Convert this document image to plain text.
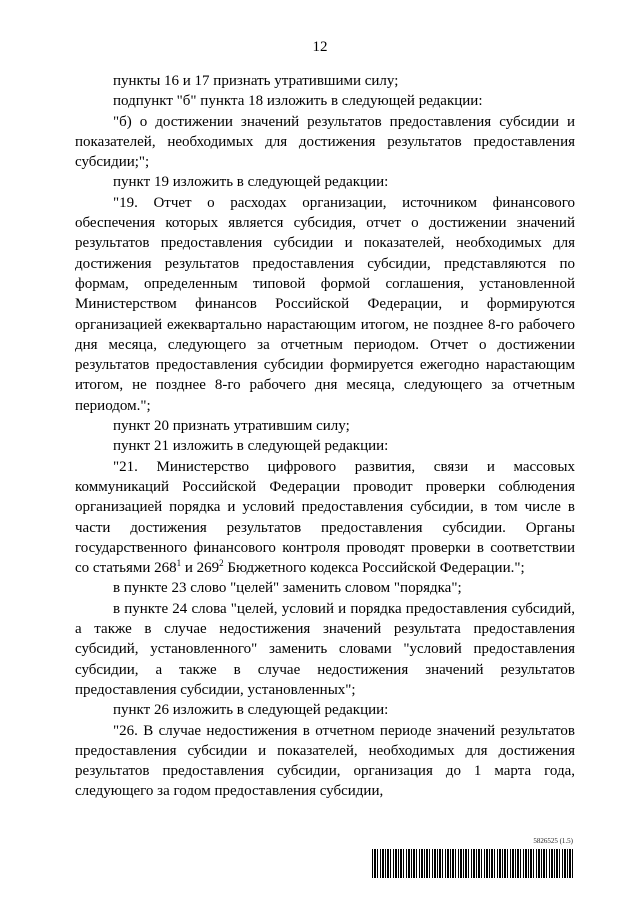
12

пункты 16 и 17 признать утратившими силу;

подпункт "б" пункта 18 изложить в следующей редакции:

"б) о достижении значений результатов предоставления субсидии и показателей, необходимых для достижения результатов предоставления субсидии;";

пункт 19 изложить в следующей редакции:

"19. Отчет о расходах организации, источником финансового обеспечения которых является субсидия, отчет о достижении значений результатов предоставления субсидии и показателей, необходимых для достижения результатов предоставления субсидии, представляются по формам, определенным типовой формой соглашения, установленной Министерством финансов Российской Федерации, и формируются организацией ежеквартально нарастающим итогом, не позднее 8-го рабочего дня месяца, следующего за отчетным периодом. Отчет о достижении результатов предоставления субсидии формируется ежегодно нарастающим итогом, не позднее 8-го рабочего дня месяца, следующего за отчетным периодом.";

пункт 20 признать утратившим силу;

пункт 21 изложить в следующей редакции:

"21. Министерство цифрового развития, связи и массовых коммуникаций Российской Федерации проводит проверки соблюдения организацией порядка и условий предоставления субсидии, в том числе в части достижения результатов предоставления субсидии. Органы государственного финансового контроля проводят проверки в соответствии со статьями $268^1$ и $269^2$ Бюджетного кодекса Российской Федерации.";

в пункте 23 слово "целей" заменить словом "порядка";

в пункте 24 слова "целей, условий и порядка предоставления субсидий, а также в случае недостижения значений результата предоставления субсидий, установленного" заменить словами "условий предоставления субсидии, а также в случае недостижения значений результатов предоставления субсидии, установленных";

пункт 26 изложить в следующей редакции:

"26. В случае недостижения в отчетном периоде значений результатов предоставления субсидии и показателей, необходимых для достижения результатов предоставления субсидии, организация до 1 марта года, следующего за годом предоставления субсидии,

5826525 (1.5)
